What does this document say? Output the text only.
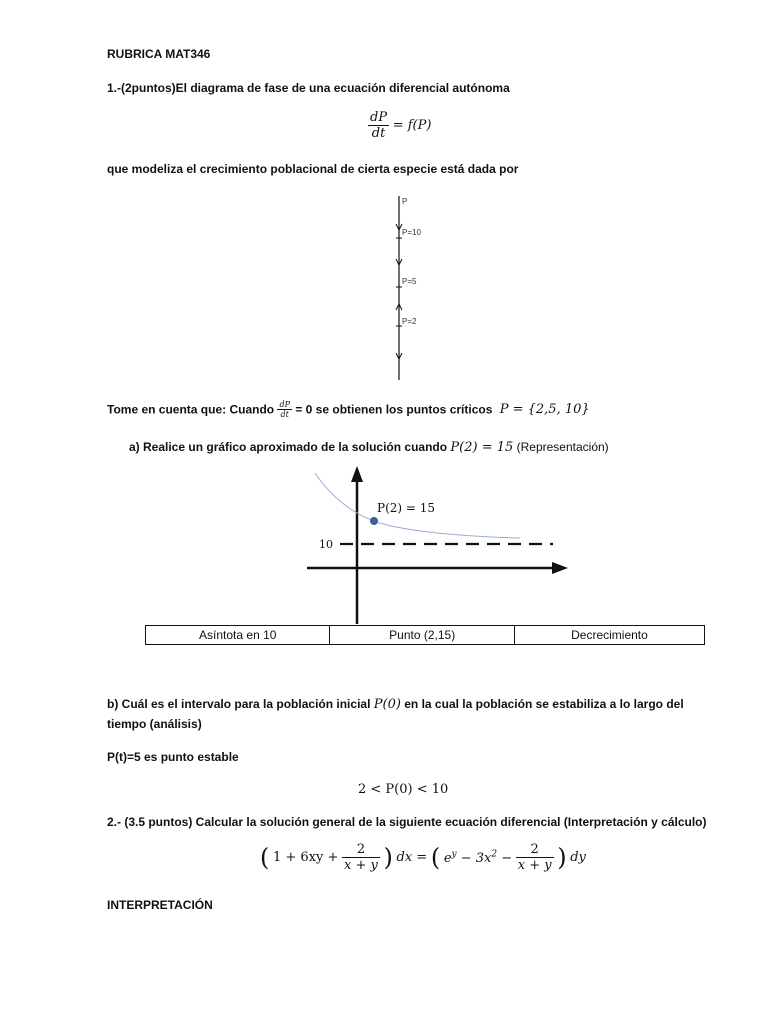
RUBRICA MAT346
1.-(2puntos)El diagrama de fase de una ecuación diferencial autónoma
$\frac{dP}{dt} = f(P)$
que modeliza el crecimiento poblacional de cierta especie está dada por
P
P=10
P=5
P=2
Tome en cuenta que: Cuando $\frac{dP}{dt} = 0$ se obtienen los puntos críticos P = {2,5, 10}
a) Realice un gráfico aproximado de la solución cuando P(2) = 15 (Representación)
10
P(2) = 15
Asíntota en 10	Punto (2,15)	Decrecimiento
b) Cuál es el intervalo para la población inicial P(0) en la cual la población se estabiliza a lo largo del
tiempo (análisis)
P(t)=5 es punto estable
2 < P(0) < 10
2.- (3.5 puntos) Calcular la solución general de la siguiente ecuación diferencial (Interpretación y cálculo)
( $1 + 6xy + \frac{2}{x + y}$ ) dx = ( $e^y - 3x^2 - \frac{2}{x + y}$ ) dy
INTERPRETACIÓN
